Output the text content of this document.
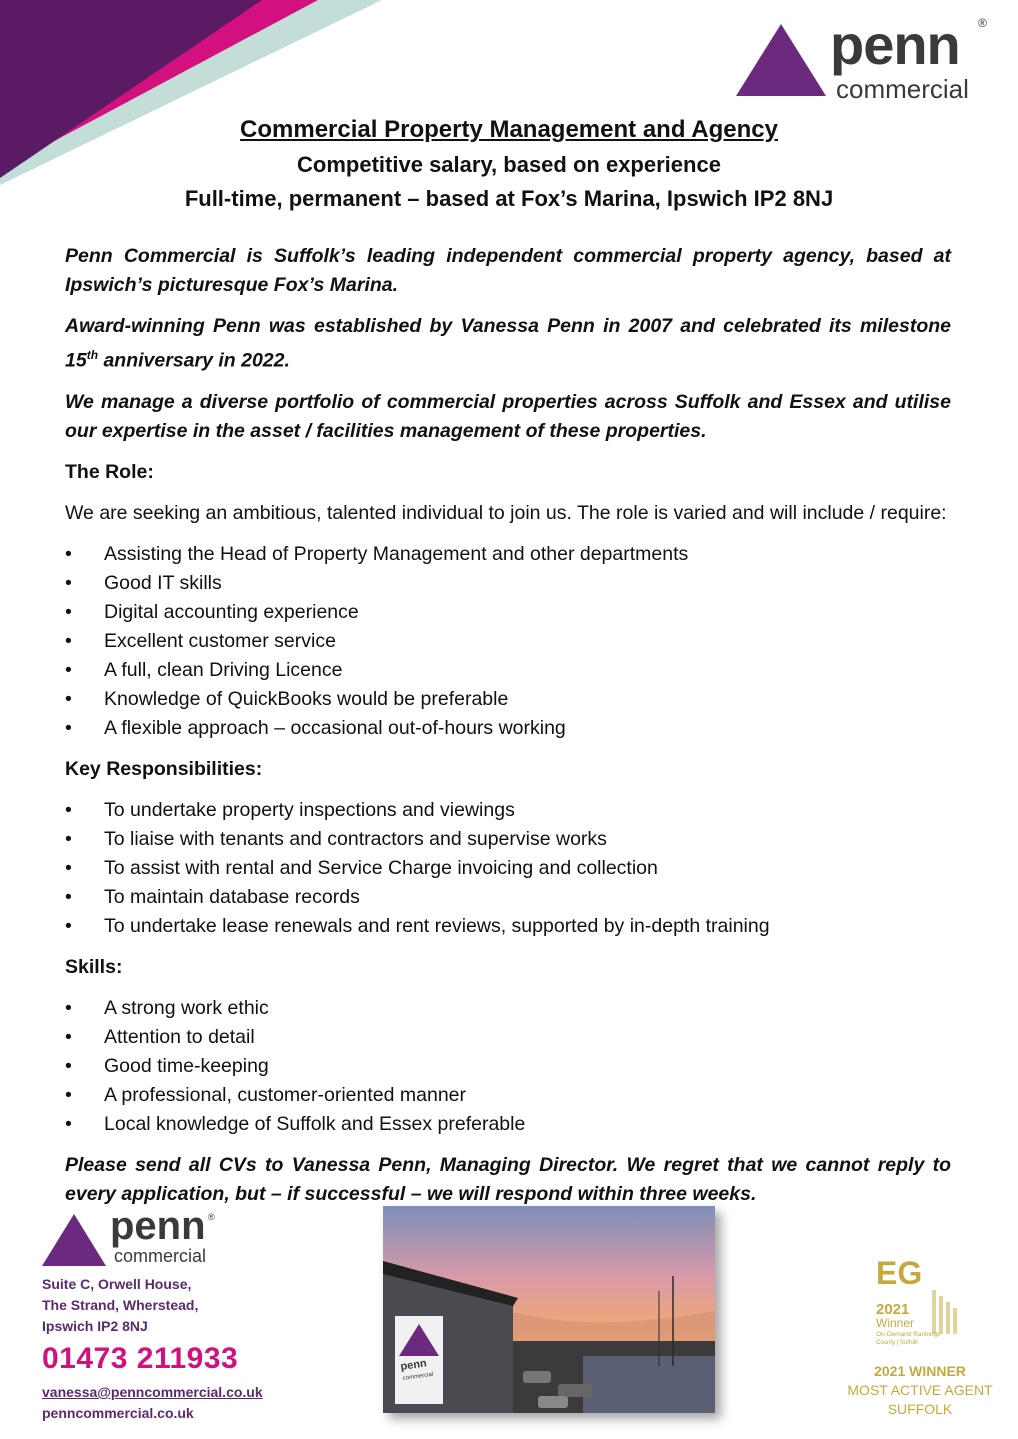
penn ®
commercial
Commercial Property Management and Agency
Competitive salary, based on experience
Full-time, permanent – based at Fox’s Marina, Ipswich IP2 8NJ

Penn Commercial is Suffolk’s leading independent commercial property agency, based at Ipswich’s picturesque Fox’s Marina.

Award-winning Penn was established by Vanessa Penn in 2007 and celebrated its milestone 15th anniversary in 2022.

We manage a diverse portfolio of commercial properties across Suffolk and Essex and utilise our expertise in the asset / facilities management of these properties.

The Role:

We are seeking an ambitious, talented individual to join us. The role is varied and will include / require:

• Assisting the Head of Property Management and other departments
• Good IT skills
• Digital accounting experience
• Excellent customer service
• A full, clean Driving Licence
• Knowledge of QuickBooks would be preferable
• A flexible approach – occasional out-of-hours working

Key Responsibilities:

• To undertake property inspections and viewings
• To liaise with tenants and contractors and supervise works
• To assist with rental and Service Charge invoicing and collection
• To maintain database records
• To undertake lease renewals and rent reviews, supported by in-depth training

Skills:

• A strong work ethic
• Attention to detail
• Good time-keeping
• A professional, customer-oriented manner
• Local knowledge of Suffolk and Essex preferable

Please send all CVs to Vanessa Penn, Managing Director. We regret that we cannot reply to every application, but – if successful – we will respond within three weeks.

penn ®
commercial
Suite C, Orwell House,
The Strand, Wherstead,
Ipswich IP2 8NJ
01473 211933
vanessa@penncommercial.co.uk
penncommercial.co.uk
penn
commercial
EG
2021
Winner
On-Demand Rankings
County | Suffolk
2021 WINNER
MOST ACTIVE AGENT
SUFFOLK
